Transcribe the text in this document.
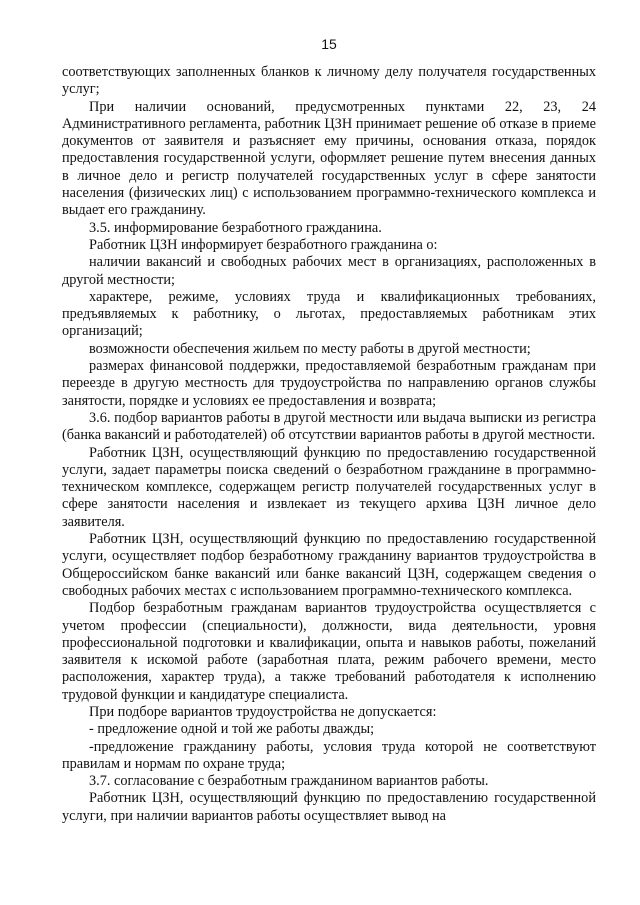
15

соответствующих заполненных бланков к личному делу получателя государственных услуг;

При наличии оснований, предусмотренных пунктами 22, 23, 24 Административного регламента, работник ЦЗН принимает решение об отказе в приеме документов от заявителя и разъясняет ему причины, основания отказа, порядок предоставления государственной услуги, оформляет решение путем внесения данных в личное дело и регистр получателей государственных услуг в сфере занятости населения (физических лиц) с использованием программно-технического комплекса и выдает его гражданину.

3.5. информирование безработного гражданина.

Работник ЦЗН информирует безработного гражданина о:

наличии вакансий и свободных рабочих мест в организациях, расположенных в другой местности;

характере, режиме, условиях труда и квалификационных требованиях, предъявляемых к работнику, о льготах, предоставляемых работникам этих организаций;

возможности обеспечения жильем по месту работы в другой местности;

размерах финансовой поддержки, предоставляемой безработным гражданам при переезде в другую местность для трудоустройства по направлению органов службы занятости, порядке и условиях ее предоставления и возврата;

3.6. подбор вариантов работы в другой местности или выдача выписки из регистра (банка вакансий и работодателей) об отсутствии вариантов работы в другой местности.

Работник ЦЗН, осуществляющий функцию по предоставлению государственной услуги, задает параметры поиска сведений о безработном гражданине в программно-техническом комплексе, содержащем регистр получателей государственных услуг в сфере занятости населения и извлекает из текущего архива ЦЗН личное дело заявителя.

Работник ЦЗН, осуществляющий функцию по предоставлению государственной услуги, осуществляет подбор безработному гражданину вариантов трудоустройства в Общероссийском банке вакансий или банке вакансий ЦЗН, содержащем сведения о свободных рабочих местах с использованием программно-технического комплекса.

Подбор безработным гражданам вариантов трудоустройства осуществляется с учетом профессии (специальности), должности, вида деятельности, уровня профессиональной подготовки и квалификации, опыта и навыков работы, пожеланий заявителя к искомой работе (заработная плата, режим рабочего времени, место расположения, характер труда), а также требований работодателя к исполнению трудовой функции и кандидатуре специалиста.

При подборе вариантов трудоустройства не допускается:

- предложение одной и той же работы дважды;

-предложение гражданину работы, условия труда которой не соответствуют правилам и нормам по охране труда;

3.7. согласование с безработным гражданином вариантов работы.

Работник ЦЗН, осуществляющий функцию по предоставлению государственной услуги, при наличии вариантов работы осуществляет вывод на
